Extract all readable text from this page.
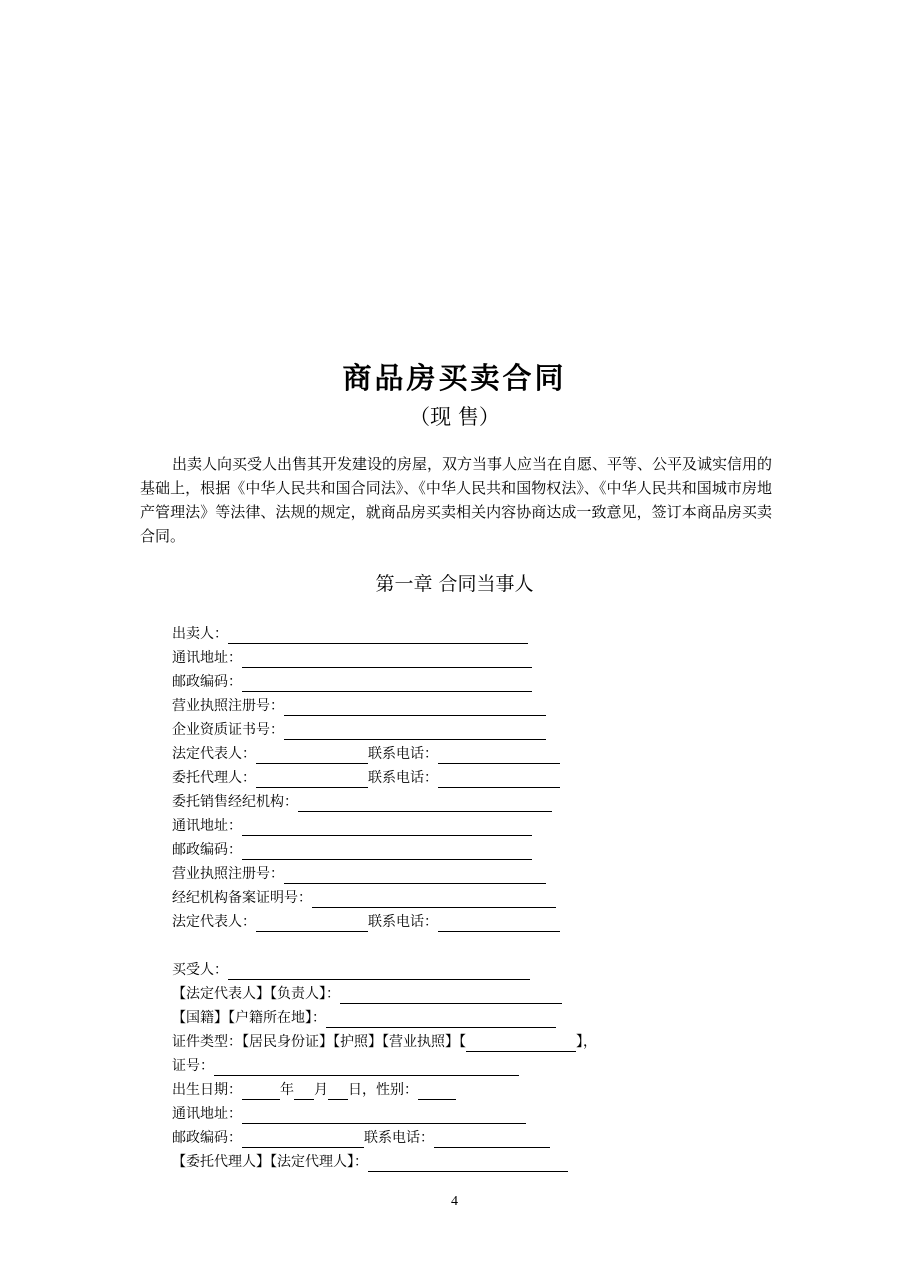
商品房买卖合同
（现 售）

出卖人向买受人出售其开发建设的房屋，双方当事人应当在自愿、平等、公平及诚实信用的基础上，根据《中华人民共和国合同法》、《中华人民共和国物权法》、《中华人民共和国城市房地产管理法》等法律、法规的规定，就商品房买卖相关内容协商达成一致意见，签订本商品房买卖合同。

第一章 合同当事人
出卖人：
通讯地址：
邮政编码：
营业执照注册号：
企业资质证书号：
法定代表人：	联系电话：
委托代理人：	联系电话：
委托销售经纪机构：
通讯地址：
邮政编码：
营业执照注册号：
经纪机构备案证明号：
法定代表人：	联系电话：
买受人：
【法定代表人】【负责人】：
【国籍】【户籍所在地】：
证件类型：【居民身份证】【护照】【营业执照】【	】，
证号：
出生日期：	年 月 日，性别：
通讯地址：
邮政编码：	联系电话：
【委托代理人】【法定代理人】：
4
